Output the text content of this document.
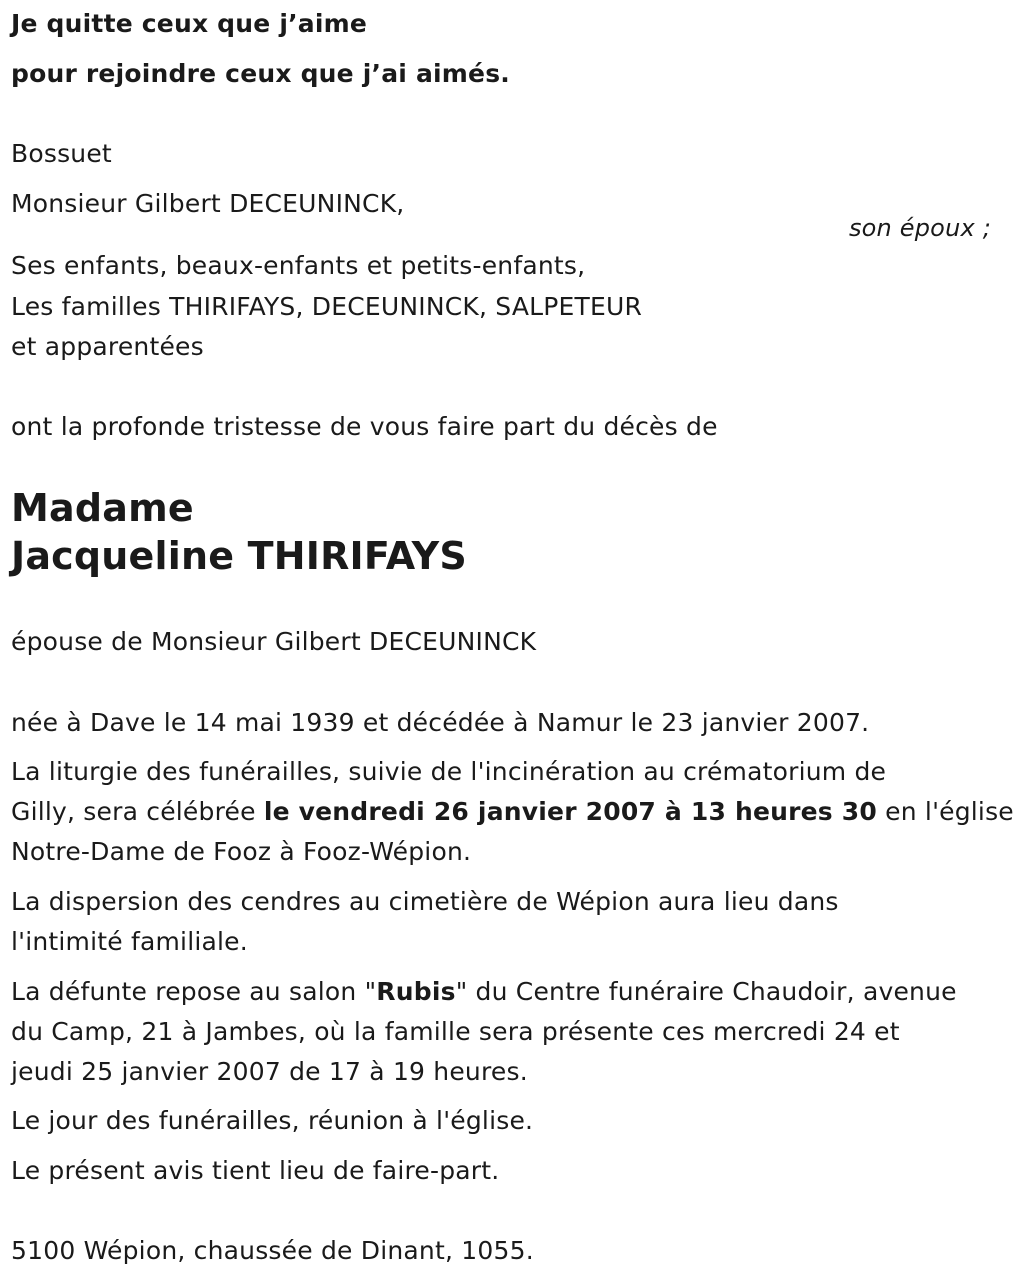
Je quitte ceux que j’aime
pour rejoindre ceux que j’ai aimés.
Bossuet
Monsieur Gilbert DECEUNINCK,
son époux ;
Ses enfants, beaux-enfants et petits-enfants,
Les familles THIRIFAYS, DECEUNINCK, SALPETEUR
et apparentées
ont la profonde tristesse de vous faire part du décès de
Madame
Jacqueline THIRIFAYS
épouse de Monsieur Gilbert DECEUNINCK
née à Dave le 14 mai 1939 et décédée à Namur le 23 janvier 2007.
La liturgie des funérailles, suivie de l'incinération au crématorium de
Gilly, sera célébrée le vendredi 26 janvier 2007 à 13 heures 30 en l'église
Notre-Dame de Fooz à Fooz-Wépion.
La dispersion des cendres au cimetière de Wépion aura lieu dans
l'intimité familiale.
La défunte repose au salon "Rubis" du Centre funéraire Chaudoir, avenue
du Camp, 21 à Jambes, où la famille sera présente ces mercredi 24 et
jeudi 25 janvier 2007 de 17 à 19 heures.
Le jour des funérailles, réunion à l'église.
Le présent avis tient lieu de faire-part.
5100 Wépion, chaussée de Dinant, 1055.
